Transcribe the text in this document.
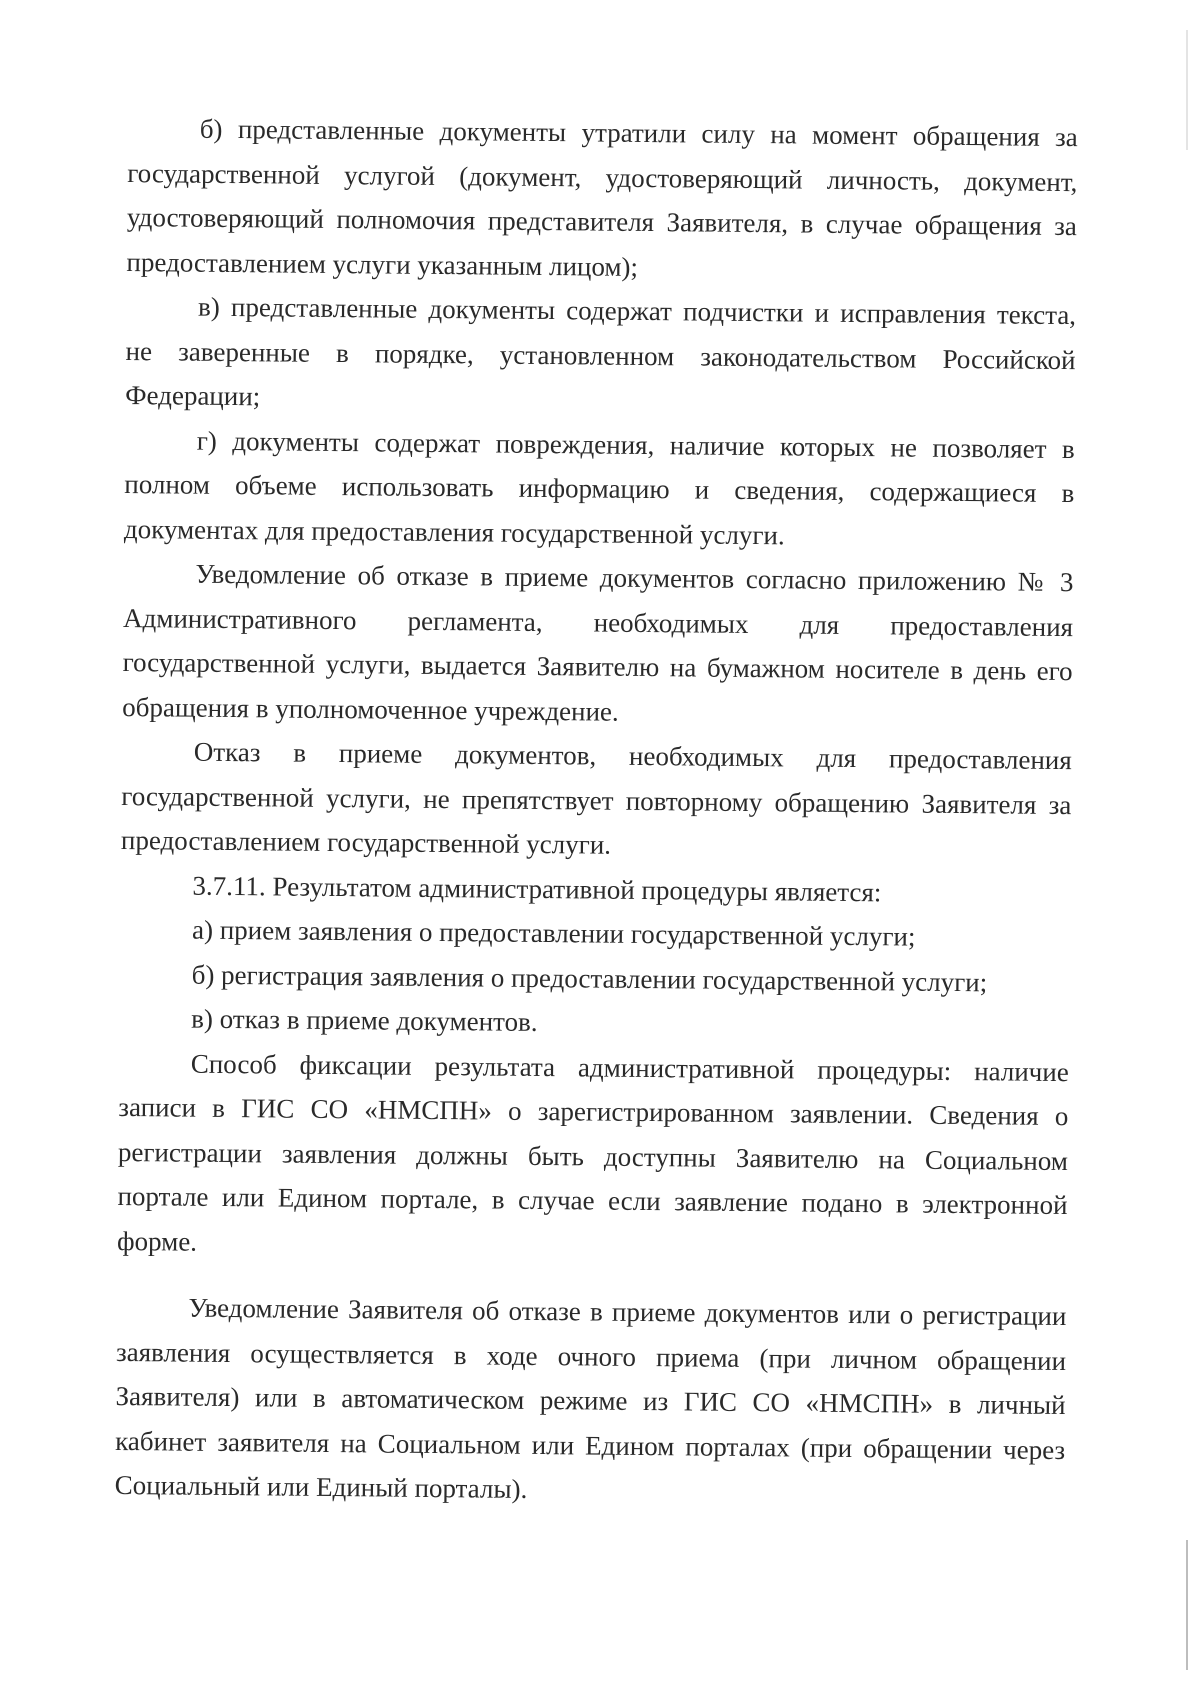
б) представленные документы утратили силу на момент обращения за государственной услугой (документ, удостоверяющий личность, документ, удостоверяющий полномочия представителя Заявителя, в случае обращения за предоставлением услуги указанным лицом);

в) представленные документы содержат подчистки и исправления текста, не заверенные в порядке, установленном законодательством Российской Федерации;

г) документы содержат повреждения, наличие которых не позволяет в полном объеме использовать информацию и сведения, содержащиеся в документах для предоставления государственной услуги.

Уведомление об отказе в приеме документов согласно приложению № 3 Административного регламента, необходимых для предоставления государственной услуги, выдается Заявителю на бумажном носителе в день его обращения в уполномоченное учреждение.

Отказ в приеме документов, необходимых для предоставления государственной услуги, не препятствует повторному обращению Заявителя за предоставлением государственной услуги.

3.7.11. Результатом административной процедуры является:

а) прием заявления о предоставлении государственной услуги;

б) регистрация заявления о предоставлении государственной услуги;

в) отказ в приеме документов.

Способ фиксации результата административной процедуры: наличие записи в ГИС СО «НМСПН» о зарегистрированном заявлении. Сведения о регистрации заявления должны быть доступны Заявителю на Социальном портале или Едином портале, в случае если заявление подано в электронной форме.

Уведомление Заявителя об отказе в приеме документов или о регистрации заявления осуществляется в ходе очного приема (при личном обращении Заявителя) или в автоматическом режиме из ГИС СО «НМСПН» в личный кабинет заявителя на Социальном или Едином порталах (при обращении через Социальный или Единый порталы).
